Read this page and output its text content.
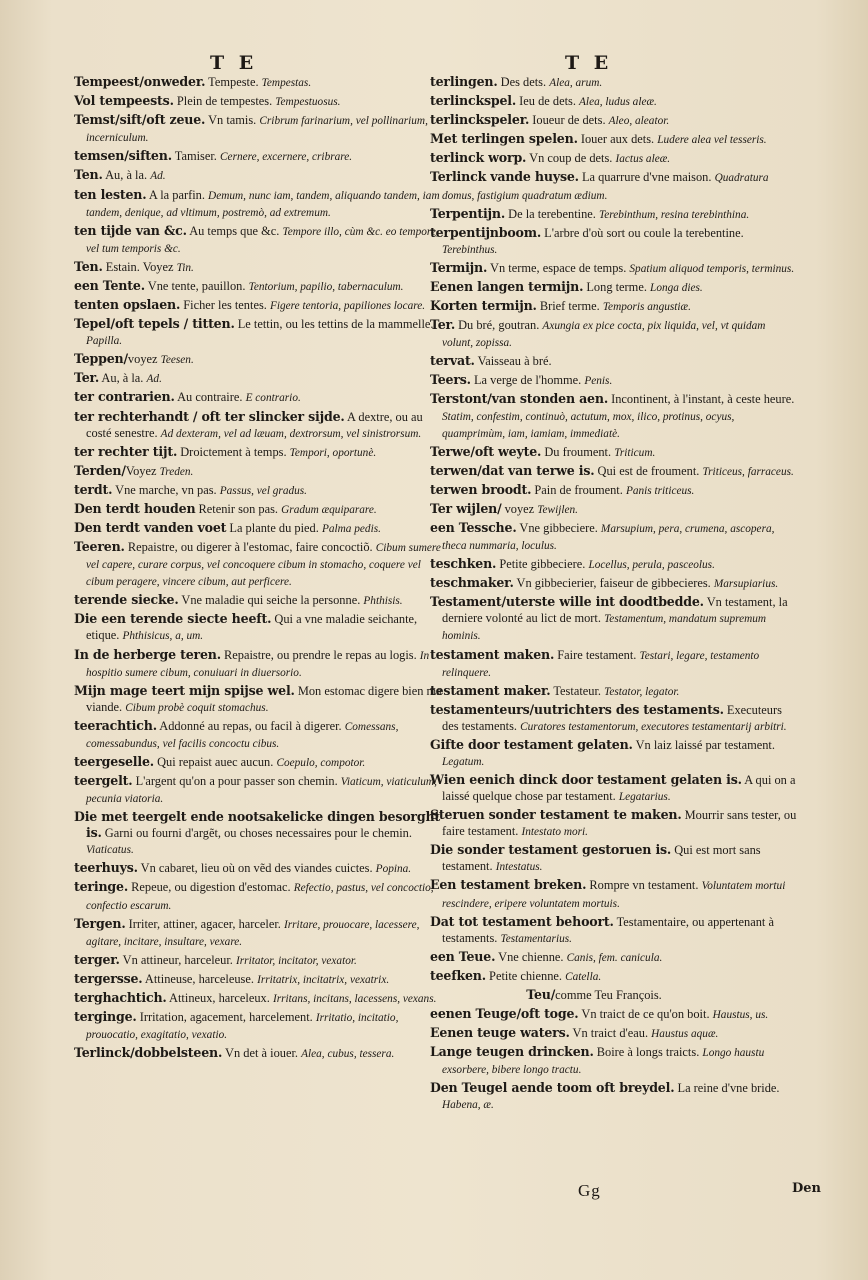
T E	T E

Tempeest/onweder. Tempeste. Tempestas.

Vol tempeests. Plein de tempestes. Tempestuosus.

Temst/sift/oft zeue. Vn tamis. Cribrum farinarium, vel pollinarium, incerniculum.

temsen/siften. Tamiser. Cernere, excernere, cribrare.

Ten. Au, à la. Ad.

ten lesten. A la parfin. Demum, nunc iam, tandem, aliquando tandem, iam tandem, denique, ad vltimum, postremò, ad extremum.

ten tijde van &c. Au temps que &c. Tempore illo, cùm &c. eo tempore, vel tum temporis &c.

Ten. Estain. Voyez Tin.

een Tente. Vne tente, pauillon. Tentorium, papilio, tabernaculum.

tenten opslaen. Ficher les tentes. Figere tentoria, papiliones locare.

Tepel/oft tepels / titten. Le tettin, ou les tettins de la mammelle. Papilla.

Teppen/voyez Teesen.

Ter. Au, à la. Ad.

ter contrarien. Au contraire. E contrario.

ter rechterhandt / oft ter slincker sijde. A dextre, ou au costé senestre. Ad dexteram, vel ad læuam, dextrorsum, vel sinistrorsum.

ter rechter tijt. Droictement à temps. Tempori, oportunè.

Terden/Voyez Treden.

terdt. Vne marche, vn pas. Passus, vel gradus.

Den terdt houden Retenir son pas. Gradum æquiparare.

Den terdt vanden voet La plante du pied. Palma pedis.

Teeren. Repaistre, ou digerer à l'estomac, faire concoctiõ. Cibum sumere vel capere, curare corpus, vel concoquere cibum in stomacho, coquere vel cibum peragere, vincere cibum, aut perficere.

terende siecke. Vne maladie qui seiche la personne. Phthisis.

Die een terende siecte heeft. Qui a vne maladie seichante, etique. Phthisicus, a, um.

In de herberge teren. Repaistre, ou prendre le repas au logis. In hospitio sumere cibum, conuiuari in diuersorio.

Mijn mage teert mijn spijse wel. Mon estomac digere bien ma viande. Cibum probè coquit stomachus.

teerachtich. Addonné au repas, ou facil à digerer. Comessans, comessabundus, vel facilis concoctu cibus.

teergeselle. Qui repaist auec aucun. Coepulo, compotor.

teergelt. L'argent qu'on a pour passer son chemin. Viaticum, viaticulum, pecunia viatoria.

Die met teergelt ende nootsakelicke dingen besorght is. Garni ou fourni d'argẽt, ou choses necessaires pour le chemin. Viaticatus.

teerhuys. Vn cabaret, lieu où on vẽd des viandes cuictes. Popina.

teringe. Repeue, ou digestion d'estomac. Refectio, pastus, vel concoctio, confectio escarum.

Tergen. Irriter, attiner, agacer, harceler. Irritare, prouocare, lacessere, agitare, incitare, insultare, vexare.

terger. Vn attineur, harceleur. Irritator, incitator, vexator.

tergersse. Attineuse, harceleuse. Irritatrix, incitatrix, vexatrix.

terghachtich. Attineux, harceleux. Irritans, incitans, lacessens, vexans.

terginge. Irritation, agacement, harcelement. Irritatio, incitatio, prouocatio, exagitatio, vexatio.

Terlinck/dobbelsteen. Vn det à iouer. Alea, cubus, tessera.

terlingen. Des dets. Alea, arum.

terlinckspel. Ieu de dets. Alea, ludus aleæ.

terlinckspeler. Ioueur de dets. Aleo, aleator.

Met terlingen spelen. Iouer aux dets. Ludere alea vel tesseris.

terlinck worp. Vn coup de dets. Iactus aleæ.

Terlinck vande huyse. La quarrure d'vne maison. Quadratura domus, fastigium quadratum ædium.

Terpentijn. De la terebentine. Terebinthum, resina terebinthina.

terpentijnboom. L'arbre d'où sort ou coule la terebentine. Terebinthus.

Termijn. Vn terme, espace de temps. Spatium aliquod temporis, terminus.

Eenen langen termijn. Long terme. Longa dies.

Korten termijn. Brief terme. Temporis angustiæ.

Ter. Du bré, goutran. Axungia ex pice cocta, pix liquida, vel, vt quidam volunt, zopissa.

tervat. Vaisseau à bré.

Teers. La verge de l'homme. Penis.

Terstont/van stonden aen. Incontinent, à l'instant, à ceste heure. Statim, confestim, continuò, actutum, mox, ilico, protinus, ocyus, quamprimùm, iam, iamiam, immediatè.

Terwe/oft weyte. Du froument. Triticum.

terwen/dat van terwe is. Qui est de froument. Triticeus, farraceus.

terwen broodt. Pain de froument. Panis triticeus.

Ter wijlen/ voyez Tewijlen.

een Tessche. Vne gibbeciere. Marsupium, pera, crumena, ascopera, theca nummaria, loculus.

teschken. Petite gibbeciere. Locellus, perula, pasceolus.

teschmaker. Vn gibbecierier, faiseur de gibbecieres. Marsupiarius.

Testament/uterste wille int doodtbedde. Vn testament, la derniere volonté au lict de mort. Testamentum, mandatum supremum hominis.

testament maken. Faire testament. Testari, legare, testamento relinquere.

testament maker. Testateur. Testator, legator.

testamenteurs/uutrichters des testaments. Executeurs des testaments. Curatores testamentorum, executores testamentarij arbitri.

Gifte door testament gelaten. Vn laiz laissé par testament. Legatum.

Wien eenich dinck door testament gelaten is. A qui on a laissé quelque chose par testament. Legatarius.

Steruen sonder testament te maken. Mourrir sans tester, ou faire testament. Intestato mori.

Die sonder testament gestoruen is. Qui est mort sans testament. Intestatus.

Een testament breken. Rompre vn testament. Voluntatem mortui rescindere, eripere voluntatem mortuis.

Dat tot testament behoort. Testamentaire, ou appertenant à testaments. Testamentarius.

een Teue. Vne chienne. Canis, fem. canicula.

teefken. Petite chienne. Catella.

Teu/comme Teu François.

eenen Teuge/oft toge. Vn traict de ce qu'on boit. Haustus, us.

Eenen teuge waters. Vn traict d'eau. Haustus aquæ.

Lange teugen drincken. Boire à longs traicts. Longo haustu exsorbere, bibere longo tractu.

Den Teugel aende toom oft breydel. La reine d'vne bride. Habena, æ.

Gg	Den
